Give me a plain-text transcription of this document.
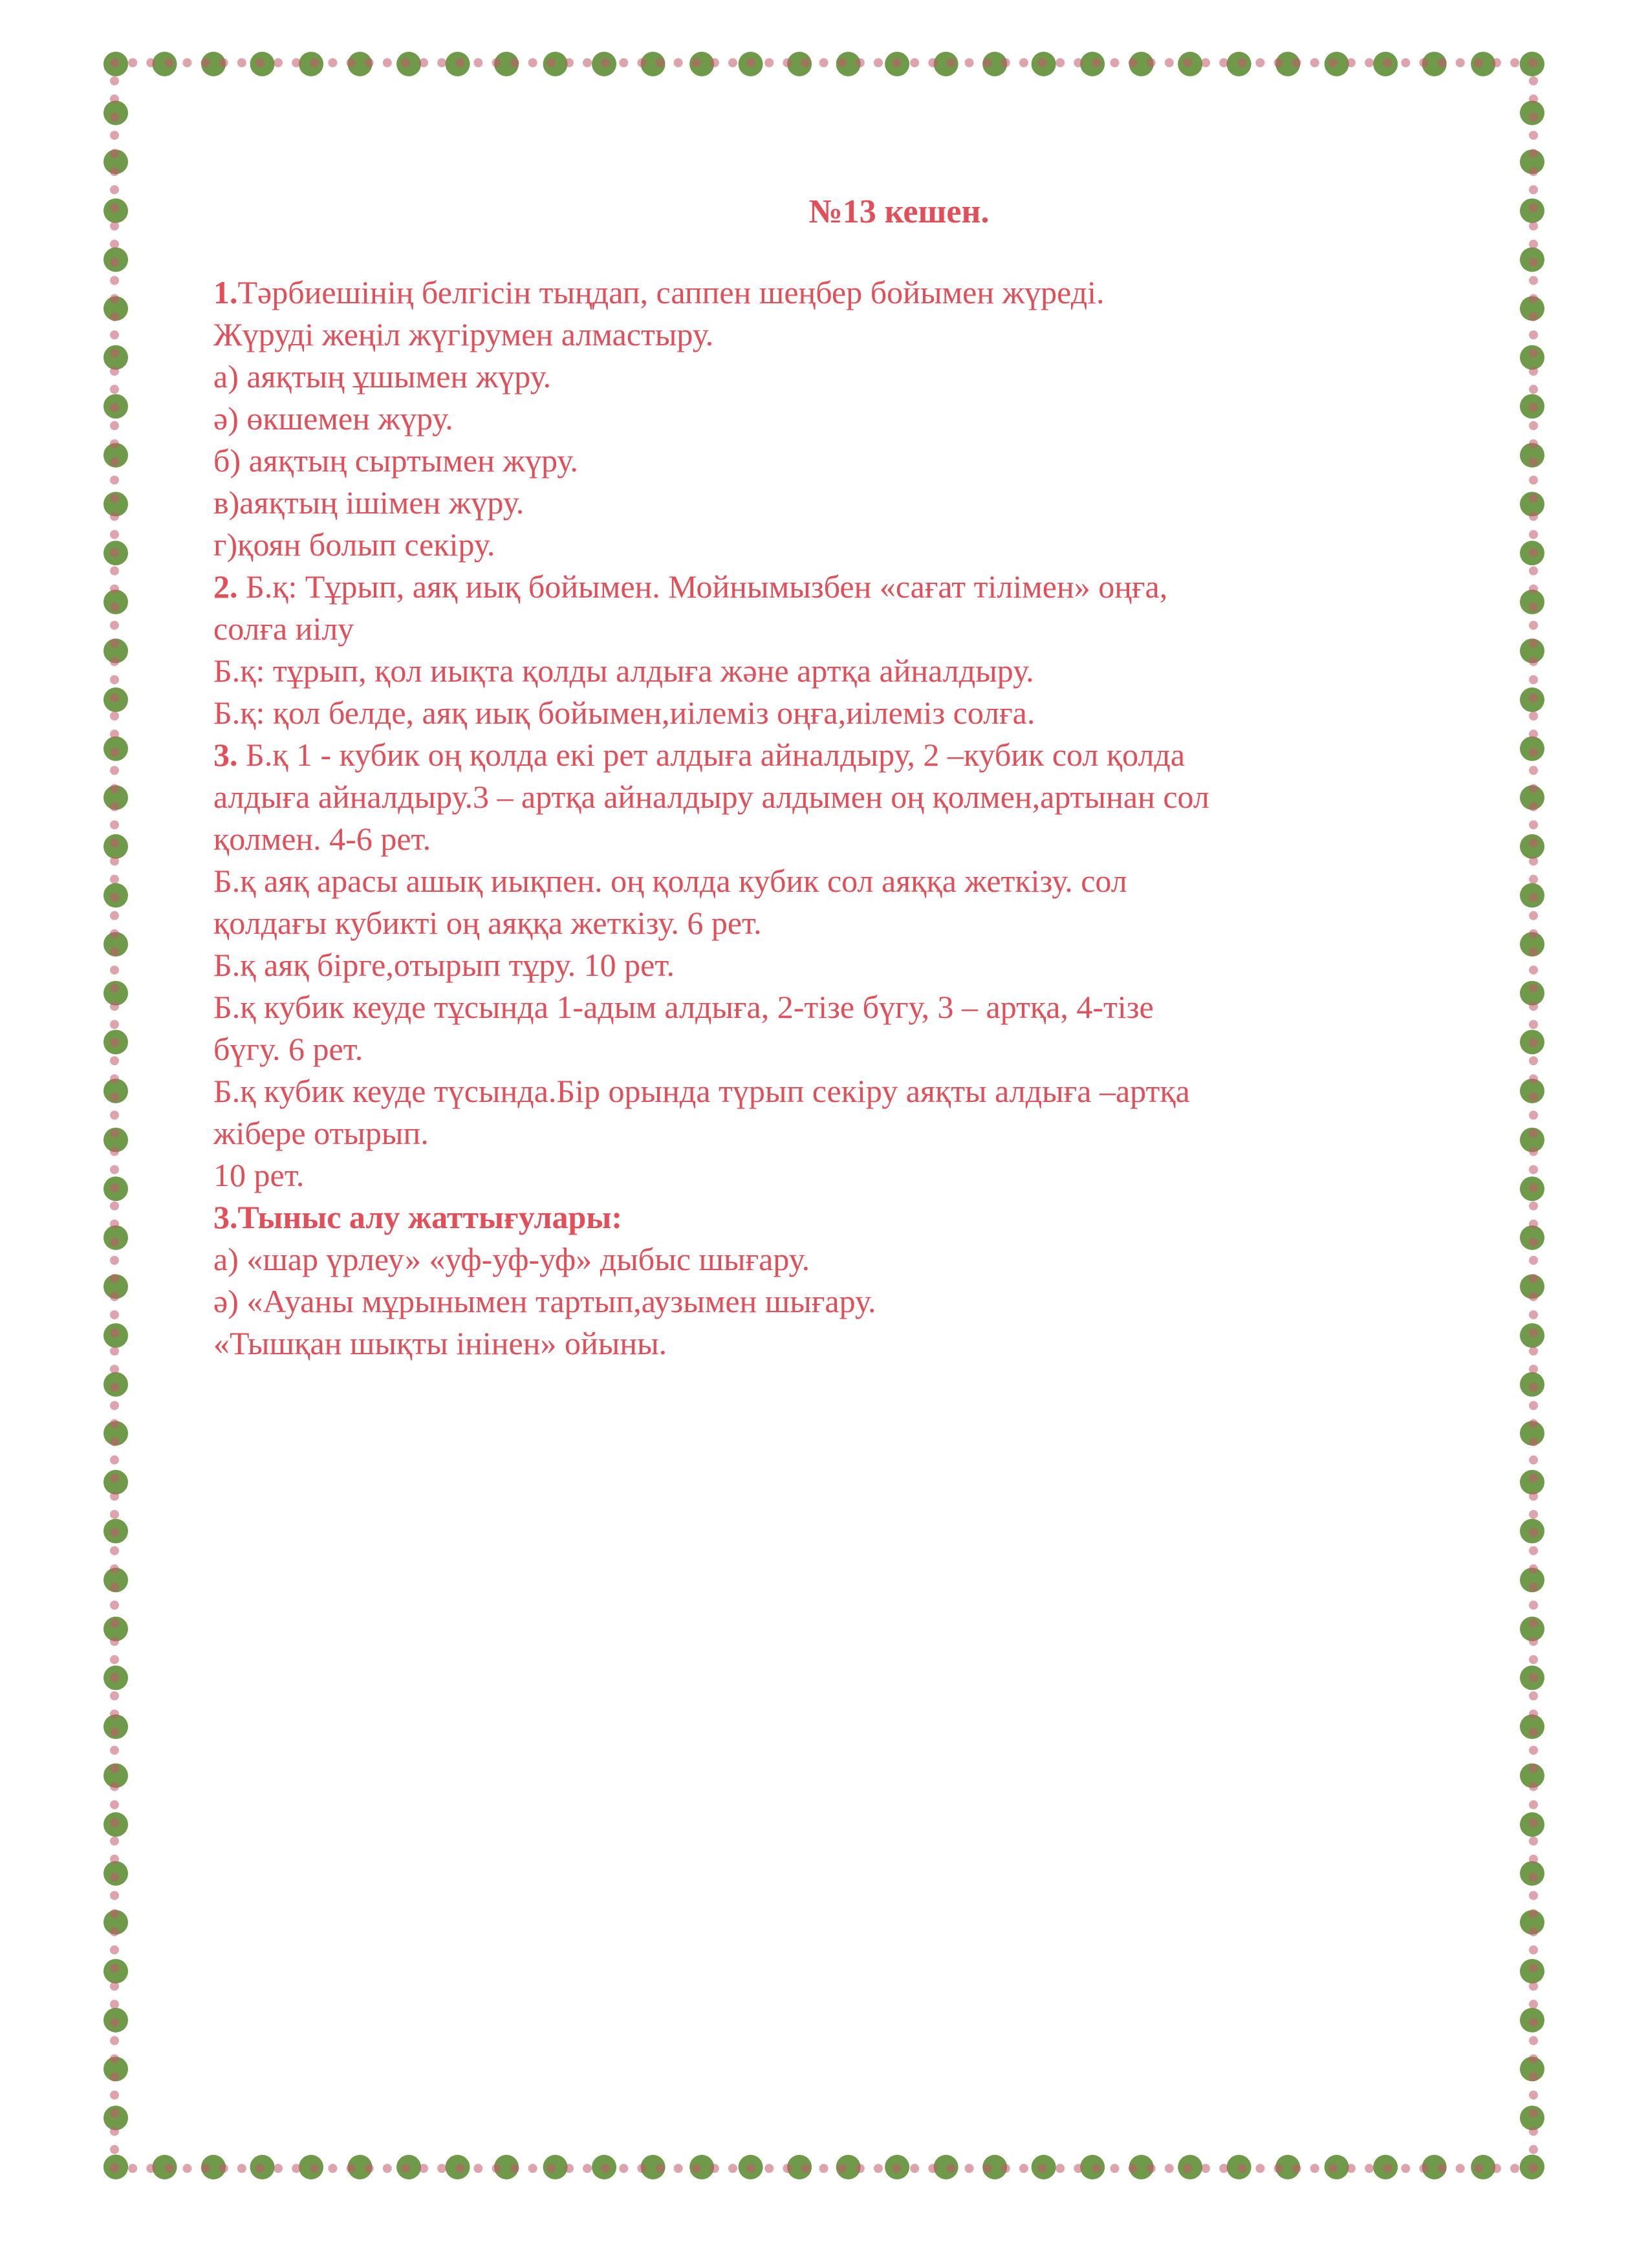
№13 кешен.
1.Тәрбиешінің белгісін тыңдап, саппен шеңбер бойымен жүреді.
Жүруді жеңіл жүгірумен алмастыру.
а) аяқтың ұшымен жүру.
ә) өкшемен жүру.
б) аяқтың сыртымен жүру.
в)аяқтың ішімен жүру.
г)қоян болып секіру.
2. Б.қ: Тұрып, аяқ иық бойымен. Мойнымызбен «сағат тілімен» оңға,
солға иілу
Б.қ: тұрып, қол иықта қолды алдыға және артқа айналдыру.
Б.қ: қол белде, аяқ иық бойымен,иілеміз оңға,иілеміз солға.
3. Б.қ 1 - кубик оң қолда екі рет алдыға айналдыру, 2 –кубик сол қолда
алдыға айналдыру.3 – артқа айналдыру алдымен оң қолмен,артынан сол
қолмен. 4-6 рет.
Б.қ аяқ арасы ашық иықпен. оң қолда кубик сол аяққа жеткізу. сол
қолдағы кубикті оң аяққа жеткізу. 6 рет.
Б.қ аяқ бірге,отырып тұру. 10 рет.
Б.қ кубик кеуде тұсында 1-адым алдыға, 2-тізе бүгу, 3 – артқа, 4-тізе
бүгу. 6 рет.
Б.қ кубик кеуде түсында.Бір орында түрып секіру аяқты алдыға –артқа
жібере отырып.
10 рет.
3.Тыныс алу жаттығулары:
а) «шар үрлеу» «уф-уф-уф» дыбыс шығару.
ә) «Ауаны мұрынымен тартып,аузымен шығару.
«Тышқан шықты інінен» ойыны.
